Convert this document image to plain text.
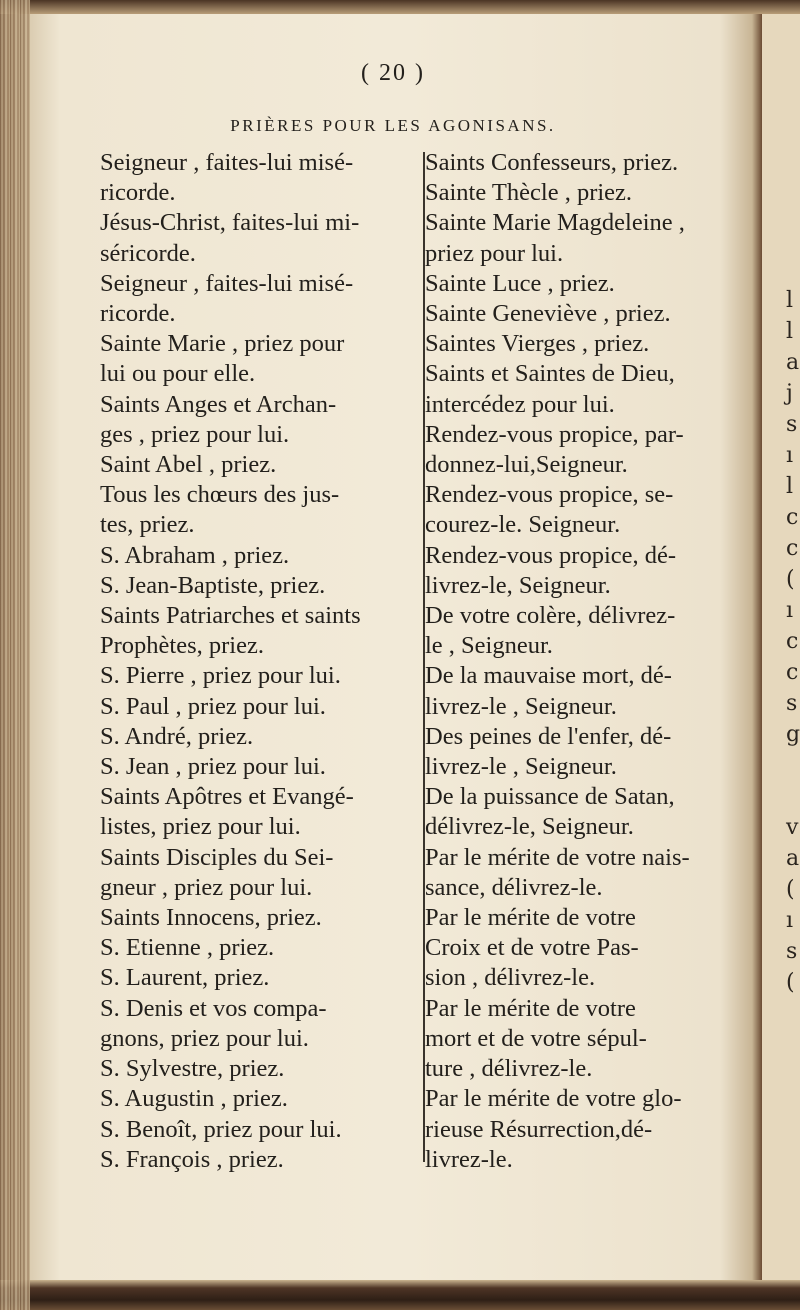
l
l
a
j
s
ı
l
c
c
(
ı
c
c
s
g
v
a
(
ı
s
(
( 20 )
PRIÈRES POUR LES AGONISANS.
Seigneur , faites-lui misé-
ricorde.
Jésus-Christ, faites-lui mi-
séricorde.
Seigneur , faites-lui misé-
ricorde.
Sainte Marie , priez pour
lui ou pour elle.
Saints Anges et Archan-
ges , priez pour lui.
Saint Abel , priez.
Tous les chœurs des jus-
tes, priez.
S. Abraham , priez.
S. Jean-Baptiste, priez.
Saints Patriarches et saints
Prophètes, priez.
S. Pierre , priez pour lui.
S. Paul , priez pour lui.
S. André, priez.
S. Jean , priez pour lui.
Saints Apôtres et Evangé-
listes, priez pour lui.
Saints Disciples du Sei-
gneur , priez pour lui.
Saints Innocens, priez.
S. Etienne , priez.
S. Laurent, priez.
S. Denis et vos compa-
gnons, priez pour lui.
S. Sylvestre, priez.
S. Augustin , priez.
S. Benoît, priez pour lui.
S. François , priez.
Saints Confesseurs, priez.
Sainte Thècle , priez.
Sainte Marie Magdeleine ,
priez pour lui.
Sainte Luce , priez.
Sainte Geneviève , priez.
Saintes Vierges , priez.
Saints et Saintes de Dieu,
intercédez pour lui.
Rendez-vous propice, par-
donnez-lui,Seigneur.
Rendez-vous propice, se-
courez-le. Seigneur.
Rendez-vous propice, dé-
livrez-le, Seigneur.
De votre colère, délivrez-
le , Seigneur.
De la mauvaise mort, dé-
livrez-le , Seigneur.
Des peines de l'enfer, dé-
livrez-le , Seigneur.
De la puissance de Satan,
délivrez-le, Seigneur.
Par le mérite de votre nais-
sance, délivrez-le.
Par le mérite de votre
Croix et de votre Pas-
sion , délivrez-le.
Par le mérite de votre
mort et de votre sépul-
ture , délivrez-le.
Par le mérite de votre glo-
rieuse Résurrection,dé-
livrez-le.
